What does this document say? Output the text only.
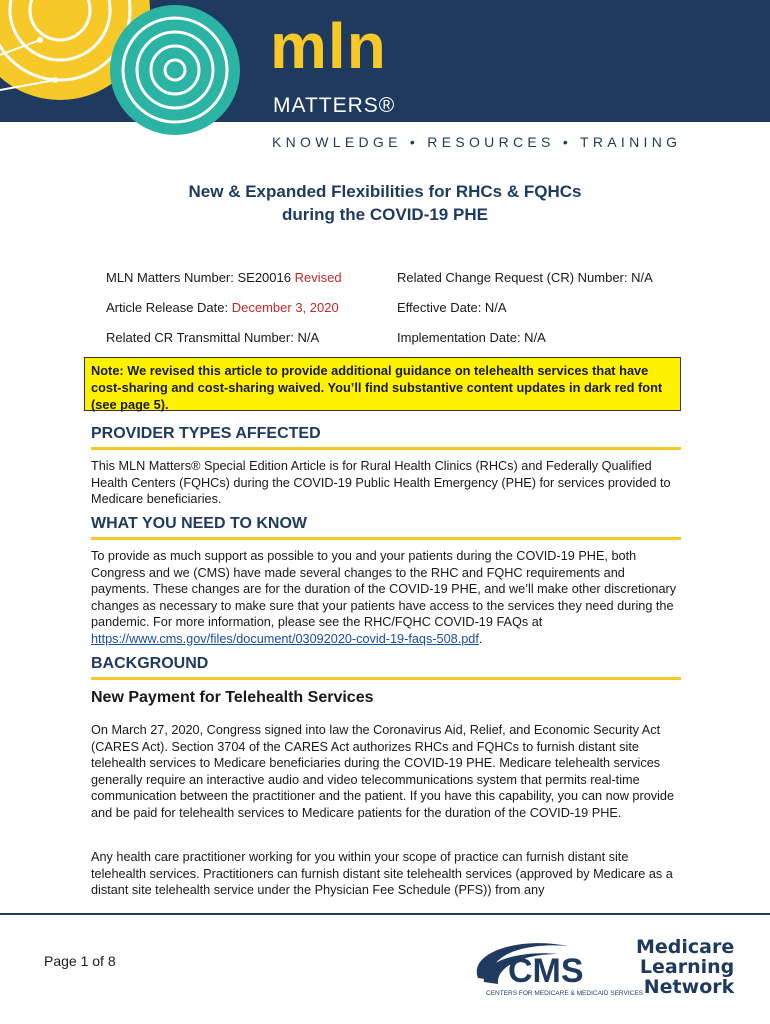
mln
MATTERS®
KNOWLEDGE • RESOURCES • TRAINING
New & Expanded Flexibilities for RHCs & FQHCs
during the COVID-19 PHE
MLN Matters Number: SE20016 Revised
Article Release Date: December 3, 2020
Related CR Transmittal Number: N/A
Related Change Request (CR) Number: N/A
Effective Date: N/A
Implementation Date: N/A
Note: We revised this article to provide additional guidance on telehealth services that have cost-sharing and cost-sharing waived. You’ll find substantive content updates in dark red font (see page 5).
PROVIDER TYPES AFFECTED
This MLN Matters® Special Edition Article is for Rural Health Clinics (RHCs) and Federally Qualified Health Centers (FQHCs) during the COVID-19 Public Health Emergency (PHE) for services provided to Medicare beneficiaries.
WHAT YOU NEED TO KNOW
To provide as much support as possible to you and your patients during the COVID-19 PHE, both Congress and we (CMS) have made several changes to the RHC and FQHC requirements and payments. These changes are for the duration of the COVID-19 PHE, and we’ll make other discretionary changes as necessary to make sure that your patients have access to the services they need during the pandemic. For more information, please see the RHC/FQHC COVID-19 FAQs at https://www.cms.gov/files/document/03092020-covid-19-faqs-508.pdf.
BACKGROUND
New Payment for Telehealth Services
On March 27, 2020, Congress signed into law the Coronavirus Aid, Relief, and Economic Security Act (CARES Act). Section 3704 of the CARES Act authorizes RHCs and FQHCs to furnish distant site telehealth services to Medicare beneficiaries during the COVID-19 PHE. Medicare telehealth services generally require an interactive audio and video telecommunications system that permits real-time communication between the practitioner and the patient. If you have this capability, you can now provide and be paid for telehealth services to Medicare patients for the duration of the COVID-19 PHE.
Any health care practitioner working for you within your scope of practice can furnish distant site telehealth services. Practitioners can furnish distant site telehealth services (approved by Medicare as a distant site telehealth service under the Physician Fee Schedule (PFS)) from any
Page 1 of 8	CMS
CENTERS FOR MEDICARE & MEDICAID SERVICES
Medicare
Learning
Network
